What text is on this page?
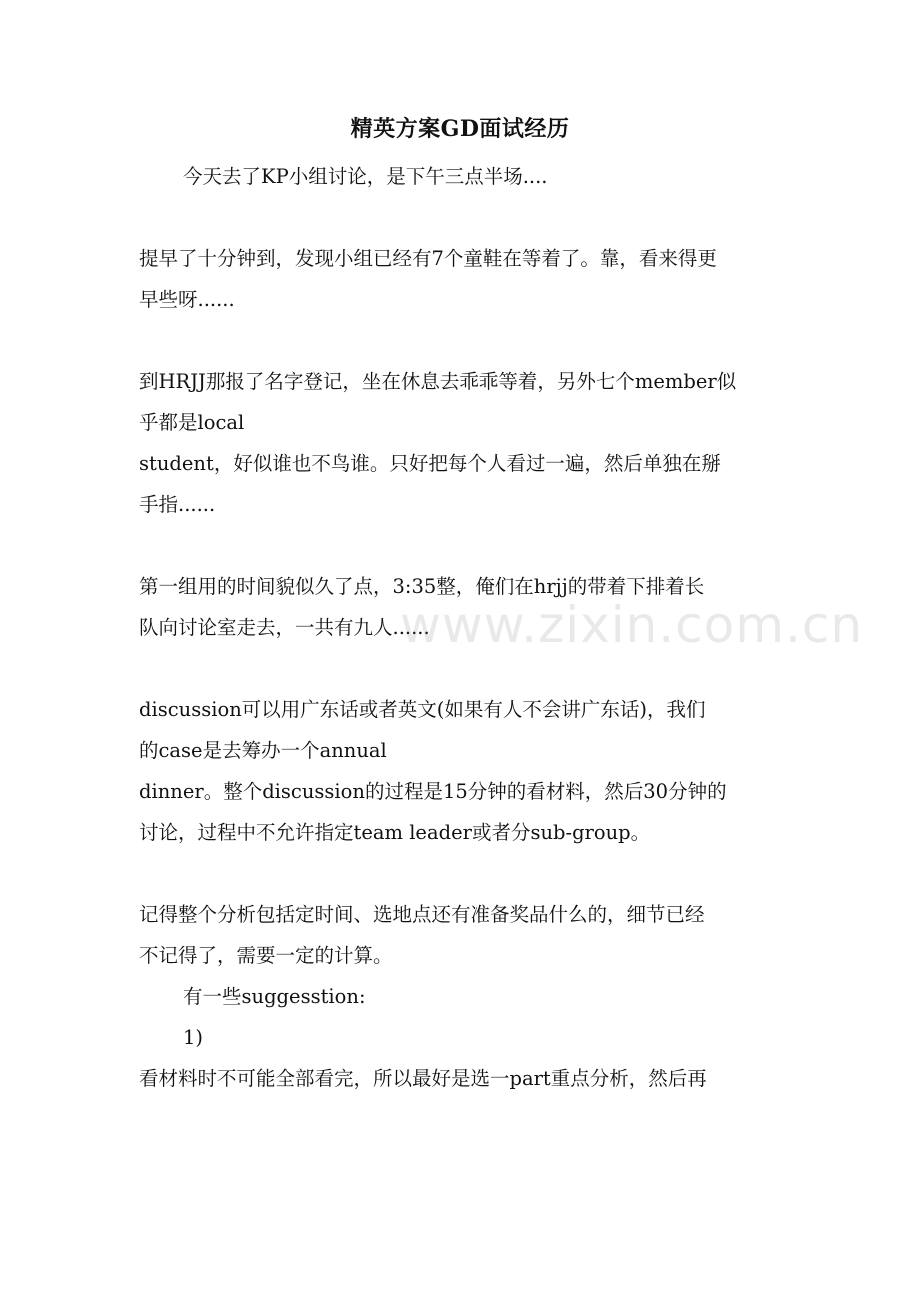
精英方案GD面试经历
今天去了KP小组讨论，是下午三点半场....
提早了十分钟到，发现小组已经有7个童鞋在等着了。靠，看来得更
早些呀......
到HRJJ那报了名字登记，坐在休息去乖乖等着，另外七个member似
乎都是local
student，好似谁也不鸟谁。只好把每个人看过一遍，然后单独在掰
手指......
第一组用的时间貌似久了点，3:35整，俺们在hrjj的带着下排着长
队向讨论室走去，一共有九人......
discussion可以用广东话或者英文(如果有人不会讲广东话)，我们
的case是去筹办一个annual
dinner。整个discussion的过程是15分钟的看材料，然后30分钟的
讨论，过程中不允许指定team leader或者分sub-group。
记得整个分析包括定时间、选地点还有准备奖品什么的，细节已经
不记得了，需要一定的计算。
有一些suggesstion:
1)
看材料时不可能全部看完，所以最好是选一part重点分析，然后再
www.zixin.com.cn
